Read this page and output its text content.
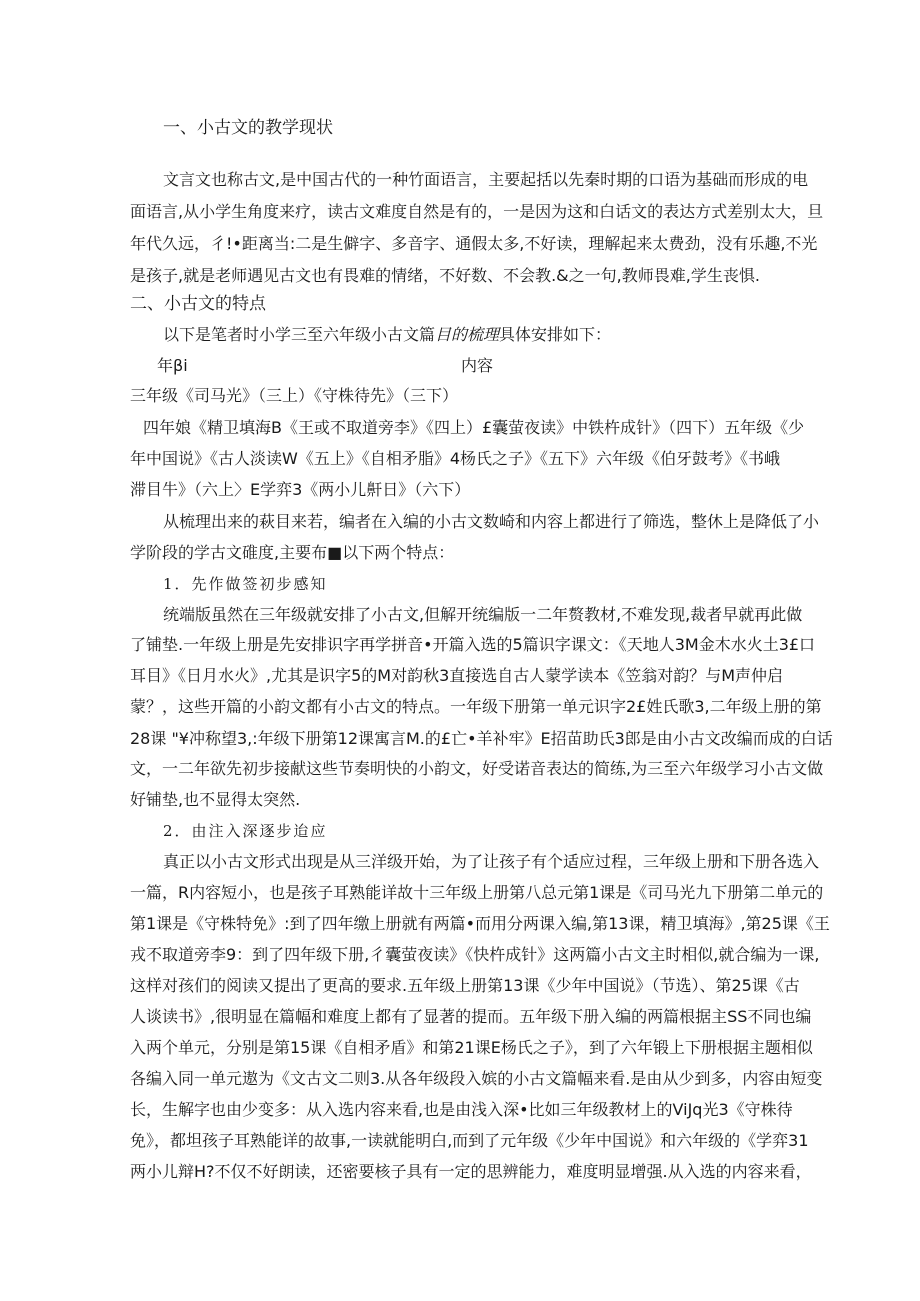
一、小古文的教学现状
文言文也称古文,是中国古代的一种竹面语言，主要起括以先秦时期的口语为基础而形成的电
面语言,从小学生角度来疗，读古文难度自然是有的，一是因为这和白话文的表达方式差别太大，旦
年代久远，彳!•距离当:二是生僻字、多音字、通假太多,不好读，理解起来太费劲，没有乐趣,不光
是孩子,就是老师遇见古文也有畏难的情绪，不好数、不会教.&之一句,教师畏难,学生丧惧.
二、小古文的特点
以下是笔者时小学三至六年级小古文篇目的梳理具体安排如下：
年βi	内容
三年级《司马光》（三上）《守株待先》（三下）
四年娘《精卫填海B《王或不取道旁李》《四上）£囊萤夜读》中铁杵成针》（四下）五年级《少
年中国说》《古人淡读W《五上》《自相矛脂》4杨氏之子》《五下》六年级《伯牙鼓考》《书峨
滞目牛》（六上〉E学弈3《两小儿鼾日》（六下）
从梳理出来的萩目来若，编者在入编的小古文数崎和内容上都进行了筛选，整休上是降低了小
学阶段的学古文碓度,主要布■以下两个特点：
1．先作做签初步感知
统端版虽然在三年级就安排了小古文,但解开统编版一二年赘教材,不难发现,裁者早就再此做
了铺垫.一年级上册是先安排识字再学拼音•开篇入选的5篇识字课文：《天地人3M金木水火土3£口
耳目》《日月水火》,尤其是识字5的M对韵秋3直接选自古人蒙学读本《笠翁对韵？与M声仲启
蒙？，这些开篇的小韵文都有小古文的特点。一年级下册第一单元识字2£姓氏歌3,二年级上册的第
28课 "¥冲称望3,:年级下册第12课寓言M.的£亡•羊补牢》E招苗助氏3郎是由小古文改编而成的白话
文，一二年欲先初步接献这些节奏明快的小韵文，好受诺音表达的简练,为三至六年级学习小古文做
好铺垫,也不显得太突然.
2．由注入深逐步迨应
真正以小古文形式出现是从三洋级开始，为了让孩子有个适应过程，三年级上册和下册各选入
一篇，R内容短小，也是孩子耳熟能详故十三年级上册第八总元第1课是《司马光九下册第二单元的
第1课是《守株特免》:到了四年缴上册就有两篇•而用分两课入编,第13课，精卫填海》,第25课《王
戎不取道旁李9：到了四年级下册,彳囊萤夜读》《快杵成针》这两篇小古文主时相似,就合编为一课,
这样对孩们的阅读又提出了更高的要求.五年级上册第13课《少年中国说》（节选）、第25课《古
人谈读书》,很明显在篇幅和难度上都有了显著的提而。五年级下册入编的两篇根据主SS不同也编
入两个单元，分别是第15课《自相矛盾》和第21课E杨氏之子》，到了六年锻上下册根据主题相似
各编入同一单元遨为《文古文二则3.从各年级段入嫔的小古文篇幅来看.是由从少到多，内容由短变
长，生解字也由少变多：从入选内容来看,也是由浅入深•比如三年级教材上的ViJq光3《守株待
免》，都坦孩子耳熟能详的故事,一读就能明白,而到了元年级《少年中国说》和六年级的《学弈31
两小儿辩H?不仅不好朗读，还密要核子具有一定的思辨能力，难度明显增强.从入选的内容来看，
